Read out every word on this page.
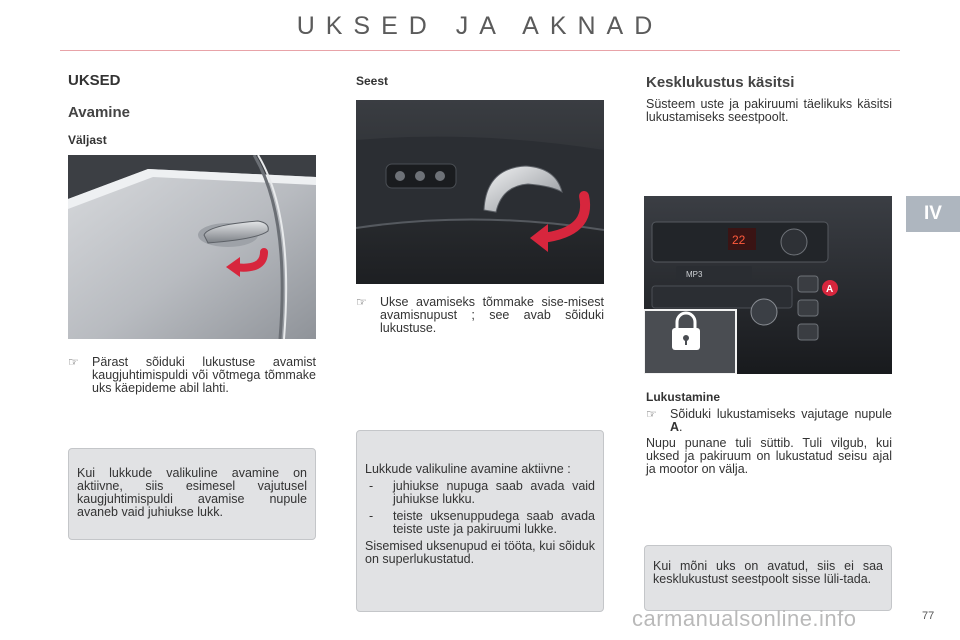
UKSED JA AKNAD
IV
UKSED
Avamine
Väljast
☞	Pärast sõiduki lukustuse avamist kaugjuhtimispuldi või võtmega tõmmake uks käepideme abil lahti.
Kui lukkude valikuline avamine on aktiivne, siis esimesel vajutusel kaugjuhtimispuldi avamise nupule avaneb vaid juhiukse lukk.
Seest
☞	Ukse avamiseks tõmmake sise-misest avamisnupust ; see avab sõiduki lukustuse.
Lukkude valikuline avamine aktiivne :
-	juhiukse nupuga saab avada vaid juhiukse lukku.
-	teiste uksenuppudega saab avada teiste uste ja pakiruumi lukke.
Sisemised uksenupud ei tööta, kui sõiduk on superlukustatud.
Kesklukustus käsitsi
Süsteem uste ja pakiruumi täelikuks käsitsi lukustamiseks seestpoolt.
22
MP3
A
Lukustamine
☞	Sõiduki lukustamiseks vajutage nupule A.
Nupu punane tuli süttib. Tuli vilgub, kui uksed ja pakiruum on lukustatud seisu ajal ja mootor on välja.
Kui mõni uks on avatud, siis ei saa kesklukustust seestpoolt sisse lüli-tada.
77
carmanualsonline.info
